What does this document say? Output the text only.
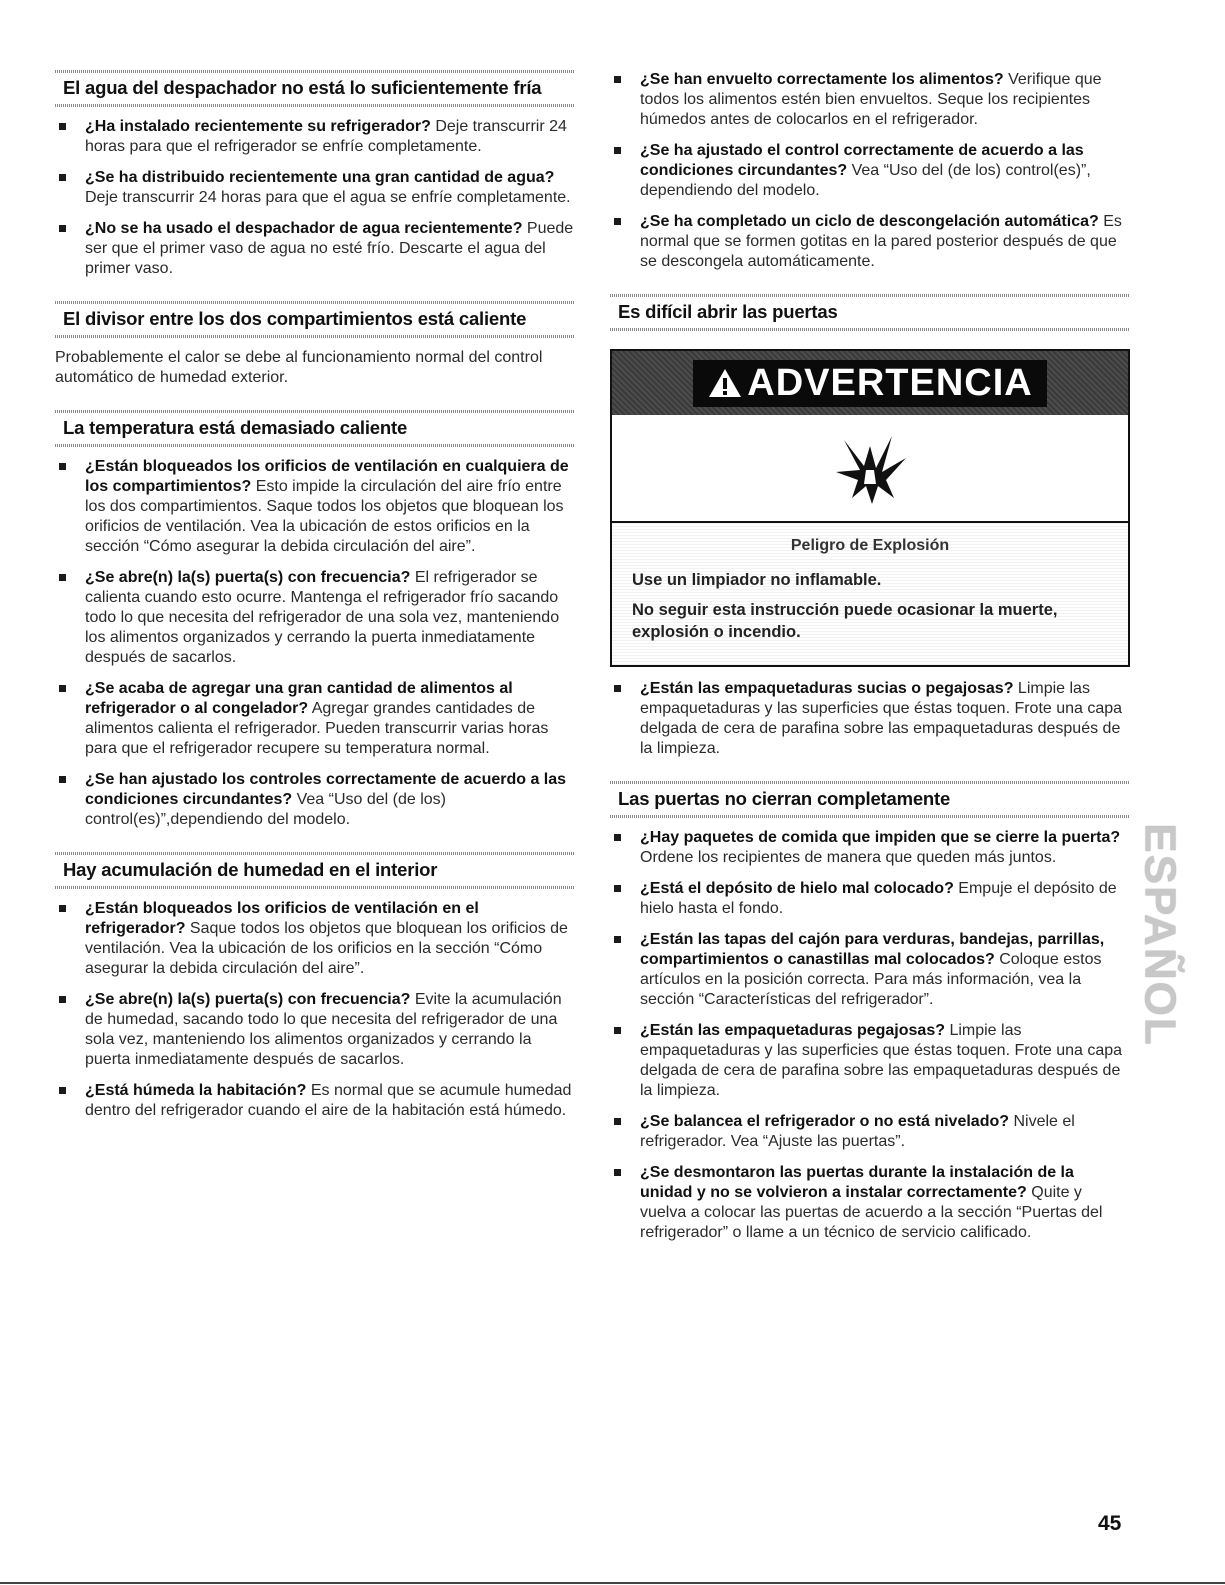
El agua del despachador no está lo suficientemente fría
¿Ha instalado recientemente su refrigerador? Deje transcurrir 24 horas para que el refrigerador se enfríe completamente.
¿Se ha distribuido recientemente una gran cantidad de agua? Deje transcurrir 24 horas para que el agua se enfríe completamente.
¿No se ha usado el despachador de agua recientemente? Puede ser que el primer vaso de agua no esté frío. Descarte el agua del primer vaso.
El divisor entre los dos compartimientos está caliente

Probablemente el calor se debe al funcionamiento normal del control automático de humedad exterior.

La temperatura está demasiado caliente
¿Están bloqueados los orificios de ventilación en cualquiera de los compartimientos? Esto impide la circulación del aire frío entre los dos compartimientos. Saque todos los objetos que bloquean los orificios de ventilación. Vea la ubicación de estos orificios en la sección “Cómo asegurar la debida circulación del aire”.
¿Se abre(n) la(s) puerta(s) con frecuencia? El refrigerador se calienta cuando esto ocurre. Mantenga el refrigerador frío sacando todo lo que necesita del refrigerador de una sola vez, manteniendo los alimentos organizados y cerrando la puerta inmediatamente después de sacarlos.
¿Se acaba de agregar una gran cantidad de alimentos al refrigerador o al congelador? Agregar grandes cantidades de alimentos calienta el refrigerador. Pueden transcurrir varias horas para que el refrigerador recupere su temperatura normal.
¿Se han ajustado los controles correctamente de acuerdo a las condiciones circundantes? Vea “Uso del (de los) control(es)”,dependiendo del modelo.
Hay acumulación de humedad en el interior
¿Están bloqueados los orificios de ventilación en el refrigerador? Saque todos los objetos que bloquean los orificios de ventilación. Vea la ubicación de los orificios en la sección “Cómo asegurar la debida circulación del aire”.
¿Se abre(n) la(s) puerta(s) con frecuencia? Evite la acumulación de humedad, sacando todo lo que necesita del refrigerador de una sola vez, manteniendo los alimentos organizados y cerrando la puerta inmediatamente después de sacarlos.
¿Está húmeda la habitación? Es normal que se acumule humedad dentro del refrigerador cuando el aire de la habitación está húmedo.
¿Se han envuelto correctamente los alimentos? Verifique que todos los alimentos estén bien envueltos. Seque los recipientes húmedos antes de colocarlos en el refrigerador.
¿Se ha ajustado el control correctamente de acuerdo a las condiciones circundantes? Vea “Uso del (de los) control(es)”, dependiendo del modelo.
¿Se ha completado un ciclo de descongelación automática? Es normal que se formen gotitas en la pared posterior después de que se descongela automáticamente.
Es difícil abrir las puertas
ADVERTENCIA
Peligro de Explosión
Use un limpiador no inflamable.
No seguir esta instrucción puede ocasionar la muerte, explosión o incendio.
¿Están las empaquetaduras sucias o pegajosas? Limpie las empaquetaduras y las superficies que éstas toquen. Frote una capa delgada de cera de parafina sobre las empaquetaduras después de la limpieza.
Las puertas no cierran completamente
¿Hay paquetes de comida que impiden que se cierre la puerta? Ordene los recipientes de manera que queden más juntos.
¿Está el depósito de hielo mal colocado? Empuje el depósito de hielo hasta el fondo.
¿Están las tapas del cajón para verduras, bandejas, parrillas, compartimientos o canastillas mal colocados? Coloque estos artículos en la posición correcta. Para más información, vea la sección “Características del refrigerador”.
¿Están las empaquetaduras pegajosas? Limpie las empaquetaduras y las superficies que éstas toquen. Frote una capa delgada de cera de parafina sobre las empaquetaduras después de la limpieza.
¿Se balancea el refrigerador o no está nivelado? Nivele el refrigerador. Vea “Ajuste las puertas”.
¿Se desmontaron las puertas durante la instalación de la unidad y no se volvieron a instalar correctamente? Quite y vuelva a colocar las puertas de acuerdo a la sección “Puertas del refrigerador” o llame a un técnico de servicio calificado.
ESPAÑOL
45
